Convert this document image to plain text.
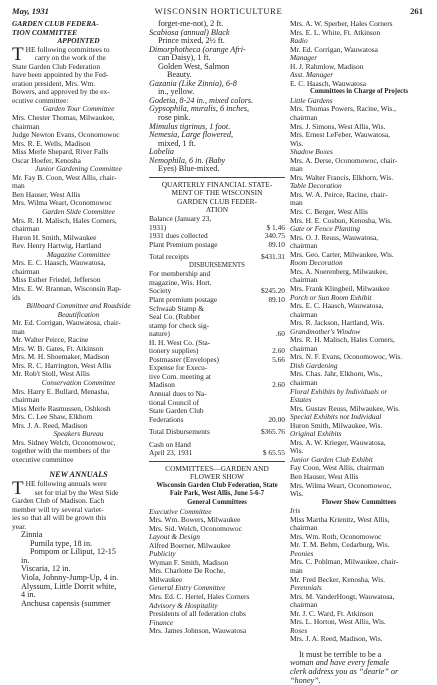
May, 1931	WISCONSIN HORTICULTURE	261
GARDEN CLUB FEDERA-
TION COMMITTEE
APPOINTED
THE following committees to
carry on the work of the
State Garden Club Federation
have been appointed by the Fed-
eration president, Mrs. Wm.
Bowers, and approved by the ex-
ecutive committee:
Garden Tour Committee
Mrs. Chester Thomas, Milwaukee,
chairman
Judge Newton Evans, Oconomowoc
Mrs. R. E. Wells, Madison
Miss Merle Shepard, River Falls
Oscar Hoefer, Kenosha
Junior Gardening Committee
Mr. Fay B. Coon, West Allis, chair-
man
Ben Hauser, West Allis
Mrs. Wilma Weart, Oconomowoc
Garden Slide Committee
Mrs. R. H. Malisch, Hales Corners,
chairman
Huron H. Smith, Milwaukee
Rev. Henry Hartwig, Hartland
Magazine Committee
Mrs. E. C. Haasch, Wauwatosa,
chairman
Miss Esther Friedel, Jefferson
Mrs. E. W. Brannan, Wisconsin Rap-
ids
Billboard Committee and Roadside
Beautification
Mr. Ed. Corrigan, Wauwatosa, chair-
man
Mr. Walter Peirce, Racine
Mrs. W. B. Gates, Ft. Atkinson
Mrs. M. H. Shoemaker, Madison
Mrs. R. C. Harrington, West Allis
Mr. Rob't Stoll, West Allis
Conservation Committee
Mrs. Harry E. Bullard, Menasha,
chairman
Miss Merle Rasmussen, Oshkosh
Mrs. C. Lee Shaw, Elkhorn
Mrs. J. A. Reed, Madison
Speakers Bureau
Mrs. Sidney Welch, Oconomowoc,
together with the members of the
executive committee
NEW ANNUALS
THE following annuals were
set for trial by the West Side
Garden Club of Madison. Each
member will try several variet-
ies so that all will be grown this
year.
Zinnia
Pumila type, 18 in.
Pompom or Liliput, 12-15
in.
Viscaria, 12 in.
Viola, Johnny-Jump-Up, 4 in.
Alyssum, Little Dorrit white,
4 in.
Anchusa capensis (summer
forget-me-not), 2 ft.
Scabiosa (annual) Black
Prince mixed, 2½ ft.
Dimorphotheca (orange Afri-
can Daisy), 1 ft.
Golden West, Salmon
Beauty.
Gazania (Like Zinnia), 6-8
in., yellow.
Godetia, 8-24 in., mixed colors.
Gypsophila, muralis, 6 inches,
rose pink.
Mimulus tigrinus, 1 foot.
Nemesia, Large flowered,
mixed, 1 ft.
Lobelia
Nemophila, 6 in. (Baby
Eyes) Blue-mixed.
QUARTERLY FINANCIAL STATE-
MENT OF THE WISCONSIN
GARDEN CLUB FEDER-
ATION
Balance (January 23,
1931)	$ 1.46
1931 dues collected	340.75
Plant Premium postage	89.10
Total receipts	$431.31
DISBURSEMENTS
For membership and
magazine, Wis. Hort.
Society	$245.20
Plant premium postage	89.10
Schwaab Stamp &
Seal Co. (Rubber
stamp for check sig-
nature)	.60
H. H. West Co. (Sta-
tionery supplies)	2.60
Postmaster (Envelopes)	5.66
Expense for Execu-
tive Com. meeting at
Madison	2.60
Annual dues to Na-
tional Council of
State Garden Club
Federations	20.00
Total Disbursements	$365.76
Cash on Hand
April 23, 1931	$ 65.55
COMMITTEES—GARDEN AND
FLOWER SHOW
Wisconsin Garden Club Federation, State
Fair Park, West Allis, June 5-6-7
General Committees
Executive Committee
Mrs. Wm. Bowers, Milwaukee
Mrs. Sid. Welch, Oconomowoc
Layout & Design
Alfred Boerner, Milwaukee
Publicity
Wyman F. Smith, Madison
Mrs. Charlotte De Roche,
Milwaukee
General Entry Committee
Mrs. Ed. C. Hertel, Hales Corners
Advisory & Hospitality
Presidents of all federation clubs
Finance
Mrs. James Johnson, Wauwatosa
Mrs. A. W. Sperber, Hales Corners
Mrs. E. L. White, Ft. Atkinson
Radio
Mr. Ed. Corrigan, Wauwatosa
Manager
H. J. Rahmlow, Madison
Asst. Manager
E. C. Haasch, Wauwatosa
Committees in Charge of Projects
Little Gardens
Mrs. Thomas Powers, Racine, Wis.,
chairman
Mrs. J. Simons, West Allis, Wis.
Mrs. Ernest LeFeber, Wauwatosa,
Wis.
Shadow Boxes
Mrs. A. Derse, Oconomowoc, chair-
man
Mrs. Walter Francis, Elkhorn, Wis.
Table Decoration
Mrs. W. A. Peirce, Racine, chair-
man
Mrs. C. Berger, West Allis
Mrs. H. E. Cosbun, Kenosha, Wis.
Gate or Fence Planting
Mrs. O. J. Reuss, Wauwatosa,
chairman
Mrs. Geo. Carter, Milwaukee, Wis.
Room Decoration
Mrs. A. Noerenberg, Milwaukee,
chairman
Mrs. Frank Klingbeil, Milwaukee
Porch or Sun Room Exhibit
Mrs. E. C. Haasch, Wauwatosa,
chairman
Mrs. R. Jackson, Hartland, Wis.
Grandmother's Window
Mrs. R. H. Malisch, Hales Corners,
chairman
Mrs. N. F. Evans, Oconomowoc, Wis.
Dish Gardening
Mrs. Chas. Jahr, Elkhorn, Wis.,
chairman
Floral Exhibits by Individuals or
Estates
Mrs. Gustav Reuss, Milwaukee, Wis.
Special Exhibits not Individual
Huron Smith, Milwaukee, Wis.
Original Exhibits
Mrs. A. W. Krieger, Wauwatosa,
Wis.
Junior Garden Club Exhibit
Fay Coon, West Allis, chairman
Ben Hauser, West Allis
Mrs. Wilma Weart, Oconomowoc,
Wis.
Flower Show Committees
Iris
Miss Martha Krienitz, West Allis,
chairman
Mrs. Wm. Roth, Oconomowoc
Mr. T. M. Behm, Cedarburg, Wis.
Peonies
Mrs. C. Pohlman, Milwaukee, chair-
man
Mr. Fred Becker, Kenosha, Wis.
Perennials
Mrs. M. VanderHoogt, Wauwatosa,
chairman
Mr. J. C. Ward, Ft. Atkinson
Mrs. L. Horton, West Allis, Wis.
Roses
Mrs. J. A. Reed, Madison, Wis.
It must be terrible to be a
woman and have every female
clerk address you as “dearie” or
“honey”.
